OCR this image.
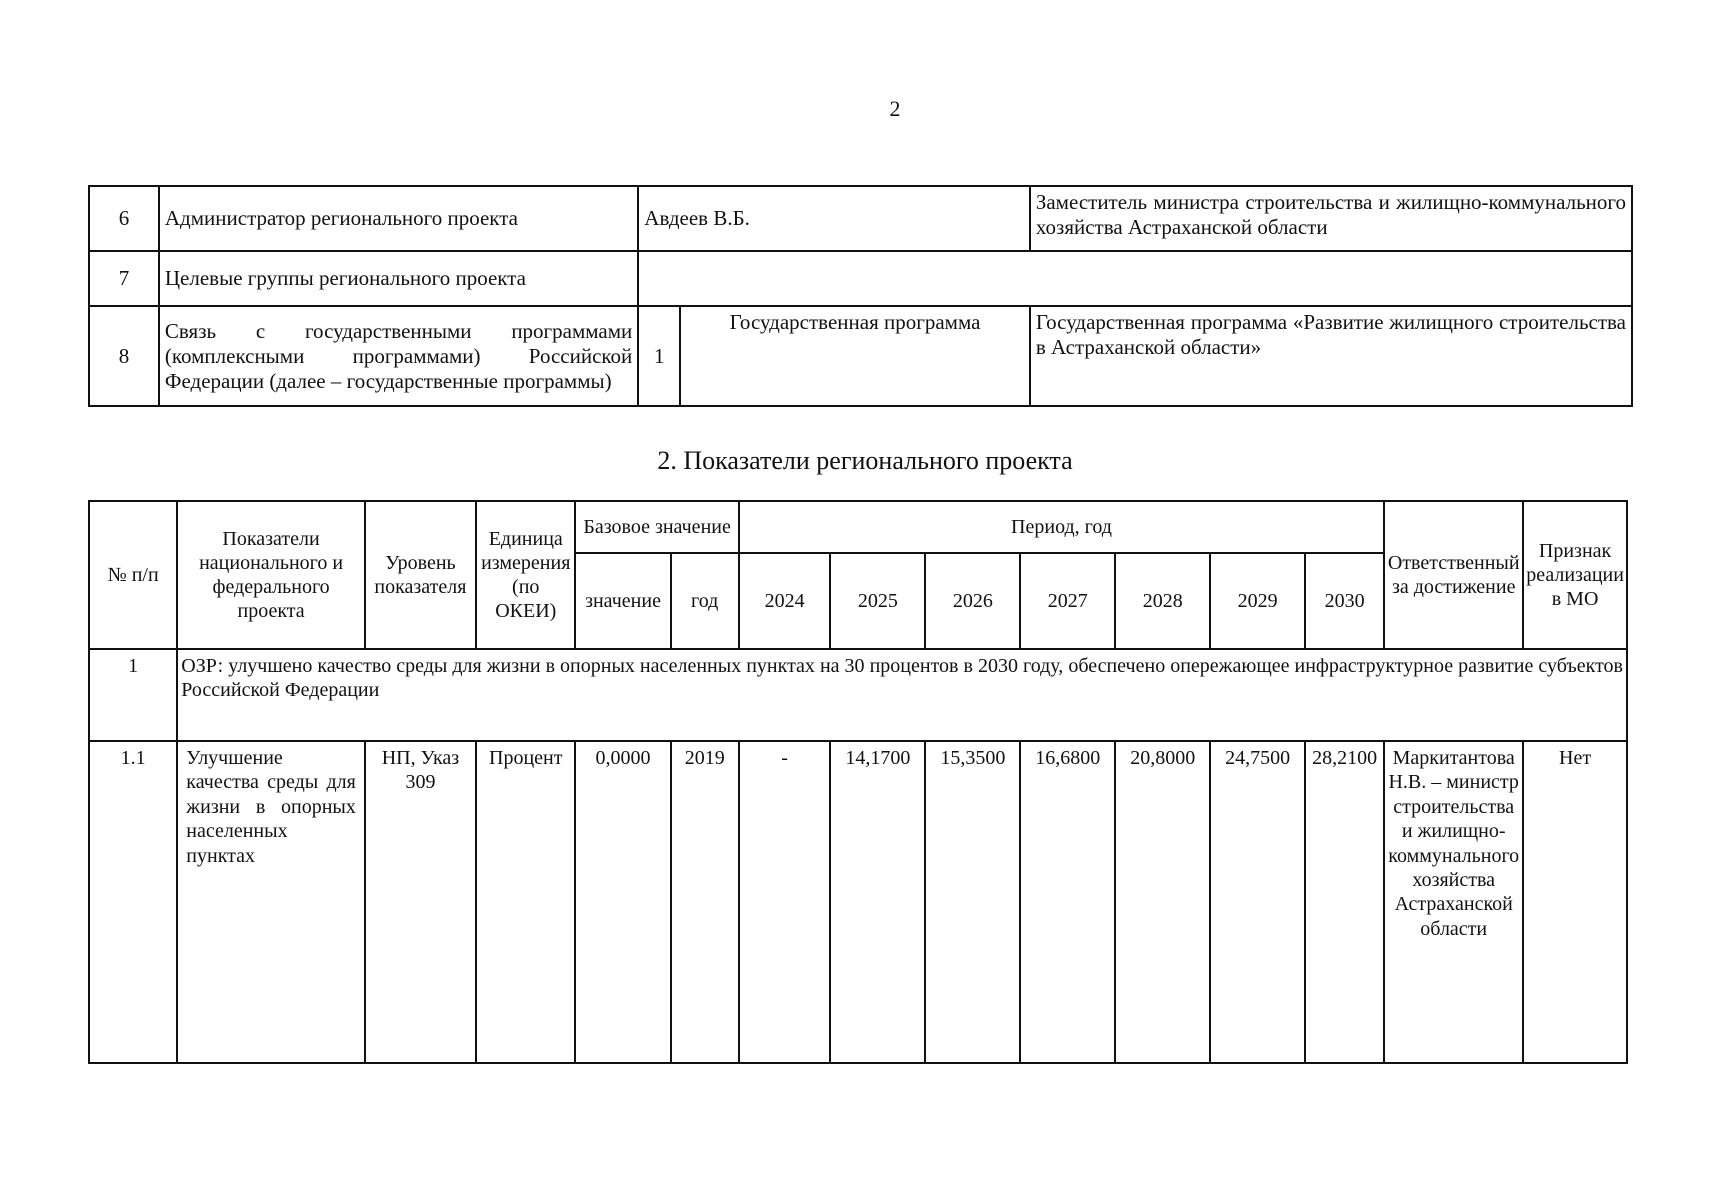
2
6	Администратор регионального проекта	Авдеев В.Б.		Заместитель министра строительства и жилищно-коммунального хозяйства Астраханской области
7	Целевые группы регионального проекта			
8	Связь с государственными программами (комплексными программами) Российской Федерации (далее – государственные программы)	1	Государственная программа	Государственная программа «Развитие жилищного строительства в Астраханской области»
2. Показатели регионального проекта
№ п/п	Показатели национального и федерального проекта	Уровень показателя	Единица измерения (по ОКЕИ)	Базовое значение		Период, год							Ответственный за достижение	Признак реализации в МО
				значение	год	2024	2025	2026	2027	2028	2029	2030		
1	ОЗР: улучшено качество среды для жизни в опорных населенных пунктах на 30 процентов в 2030 году, обеспечено опережающее инфраструктурное развитие субъектов Российской Федерации													
1.1	Улучшение качества среды для жизни в опорных населенных пунктах	НП, Указ 309	Процент	0,0000	2019	-	14,1700	15,3500	16,6800	20,8000	24,7500	28,2100	Маркитантова Н.В. – министр строительства и жилищно-коммунального хозяйства Астраханской области	Нет
